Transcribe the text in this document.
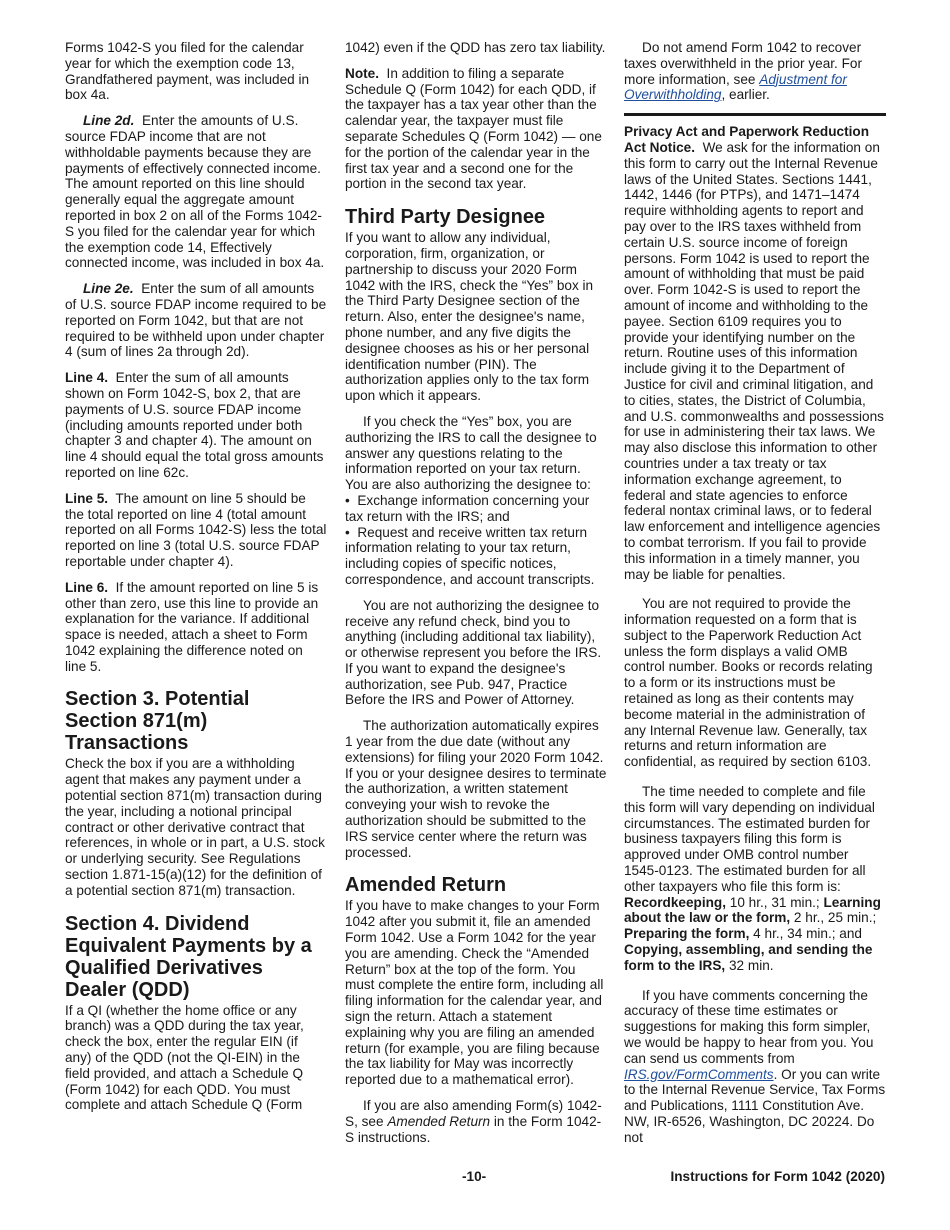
Forms 1042-S you filed for the calendar year for which the exemption code 13, Grandfathered payment, was included in box 4a.

Line 2d. Enter the amounts of U.S. source FDAP income that are not withholdable payments because they are payments of effectively connected income. The amount reported on this line should generally equal the aggregate amount reported in box 2 on all of the Forms 1042-S you filed for the calendar year for which the exemption code 14, Effectively connected income, was included in box 4a.

Line 2e. Enter the sum of all amounts of U.S. source FDAP income required to be reported on Form 1042, but that are not required to be withheld upon under chapter 4 (sum of lines 2a through 2d).

Line 4. Enter the sum of all amounts shown on Form 1042-S, box 2, that are payments of U.S. source FDAP income (including amounts reported under both chapter 3 and chapter 4). The amount on line 4 should equal the total gross amounts reported on line 62c.

Line 5. The amount on line 5 should be the total reported on line 4 (total amount reported on all Forms 1042-S) less the total reported on line 3 (total U.S. source FDAP reportable under chapter 4).

Line 6. If the amount reported on line 5 is other than zero, use this line to provide an explanation for the variance. If additional space is needed, attach a sheet to Form 1042 explaining the difference noted on line 5.

Section 3. Potential Section 871(m) Transactions

Check the box if you are a withholding agent that makes any payment under a potential section 871(m) transaction during the year, including a notional principal contract or other derivative contract that references, in whole or in part, a U.S. stock or underlying security. See Regulations section 1.871-15(a)(12) for the definition of a potential section 871(m) transaction.

Section 4. Dividend Equivalent Payments by a Qualified Derivatives Dealer (QDD)

If a QI (whether the home office or any branch) was a QDD during the tax year, check the box, enter the regular EIN (if any) of the QDD (not the QI-EIN) in the field provided, and attach a Schedule Q (Form 1042) for each QDD. You must complete and attach Schedule Q (Form

1042) even if the QDD has zero tax liability.

Note. In addition to filing a separate Schedule Q (Form 1042) for each QDD, if the taxpayer has a tax year other than the calendar year, the taxpayer must file separate Schedules Q (Form 1042) — one for the portion of the calendar year in the first tax year and a second one for the portion in the second tax year.

Third Party Designee

If you want to allow any individual, corporation, firm, organization, or partnership to discuss your 2020 Form 1042 with the IRS, check the “Yes” box in the Third Party Designee section of the return. Also, enter the designee's name, phone number, and any five digits the designee chooses as his or her personal identification number (PIN). The authorization applies only to the tax form upon which it appears.

If you check the “Yes” box, you are authorizing the IRS to call the designee to answer any questions relating to the information reported on your tax return. You are also authorizing the designee to:

• Exchange information concerning your tax return with the IRS; and

• Request and receive written tax return information relating to your tax return, including copies of specific notices, correspondence, and account transcripts.

You are not authorizing the designee to receive any refund check, bind you to anything (including additional tax liability), or otherwise represent you before the IRS. If you want to expand the designee's authorization, see Pub. 947, Practice Before the IRS and Power of Attorney.

The authorization automatically expires 1 year from the due date (without any extensions) for filing your 2020 Form 1042. If you or your designee desires to terminate the authorization, a written statement conveying your wish to revoke the authorization should be submitted to the IRS service center where the return was processed.

Amended Return

If you have to make changes to your Form 1042 after you submit it, file an amended Form 1042. Use a Form 1042 for the year you are amending. Check the “Amended Return” box at the top of the form. You must complete the entire form, including all filing information for the calendar year, and sign the return. Attach a statement explaining why you are filing an amended return (for example, you are filing because the tax liability for May was incorrectly reported due to a mathematical error).

If you are also amending Form(s) 1042-S, see Amended Return in the Form 1042-S instructions.

Do not amend Form 1042 to recover taxes overwithheld in the prior year. For more information, see Adjustment for Overwithholding, earlier.

Privacy Act and Paperwork Reduction Act Notice. We ask for the information on this form to carry out the Internal Revenue laws of the United States. Sections 1441, 1442, 1446 (for PTPs), and 1471–1474 require withholding agents to report and pay over to the IRS taxes withheld from certain U.S. source income of foreign persons. Form 1042 is used to report the amount of withholding that must be paid over. Form 1042-S is used to report the amount of income and withholding to the payee. Section 6109 requires you to provide your identifying number on the return. Routine uses of this information include giving it to the Department of Justice for civil and criminal litigation, and to cities, states, the District of Columbia, and U.S. commonwealths and possessions for use in administering their tax laws. We may also disclose this information to other countries under a tax treaty or tax information exchange agreement, to federal and state agencies to enforce federal nontax criminal laws, or to federal law enforcement and intelligence agencies to combat terrorism. If you fail to provide this information in a timely manner, you may be liable for penalties.

You are not required to provide the information requested on a form that is subject to the Paperwork Reduction Act unless the form displays a valid OMB control number. Books or records relating to a form or its instructions must be retained as long as their contents may become material in the administration of any Internal Revenue law. Generally, tax returns and return information are confidential, as required by section 6103.

The time needed to complete and file this form will vary depending on individual circumstances. The estimated burden for business taxpayers filing this form is approved under OMB control number 1545-0123. The estimated burden for all other taxpayers who file this form is: Recordkeeping, 10 hr., 31 min.; Learning about the law or the form, 2 hr., 25 min.; Preparing the form, 4 hr., 34 min.; and Copying, assembling, and sending the form to the IRS, 32 min.

If you have comments concerning the accuracy of these time estimates or suggestions for making this form simpler, we would be happy to hear from you. You can send us comments from IRS.gov/FormComments. Or you can write to the Internal Revenue Service, Tax Forms and Publications, 1111 Constitution Ave. NW, IR-6526, Washington, DC 20224. Do not

-10-	Instructions for Form 1042 (2020)
